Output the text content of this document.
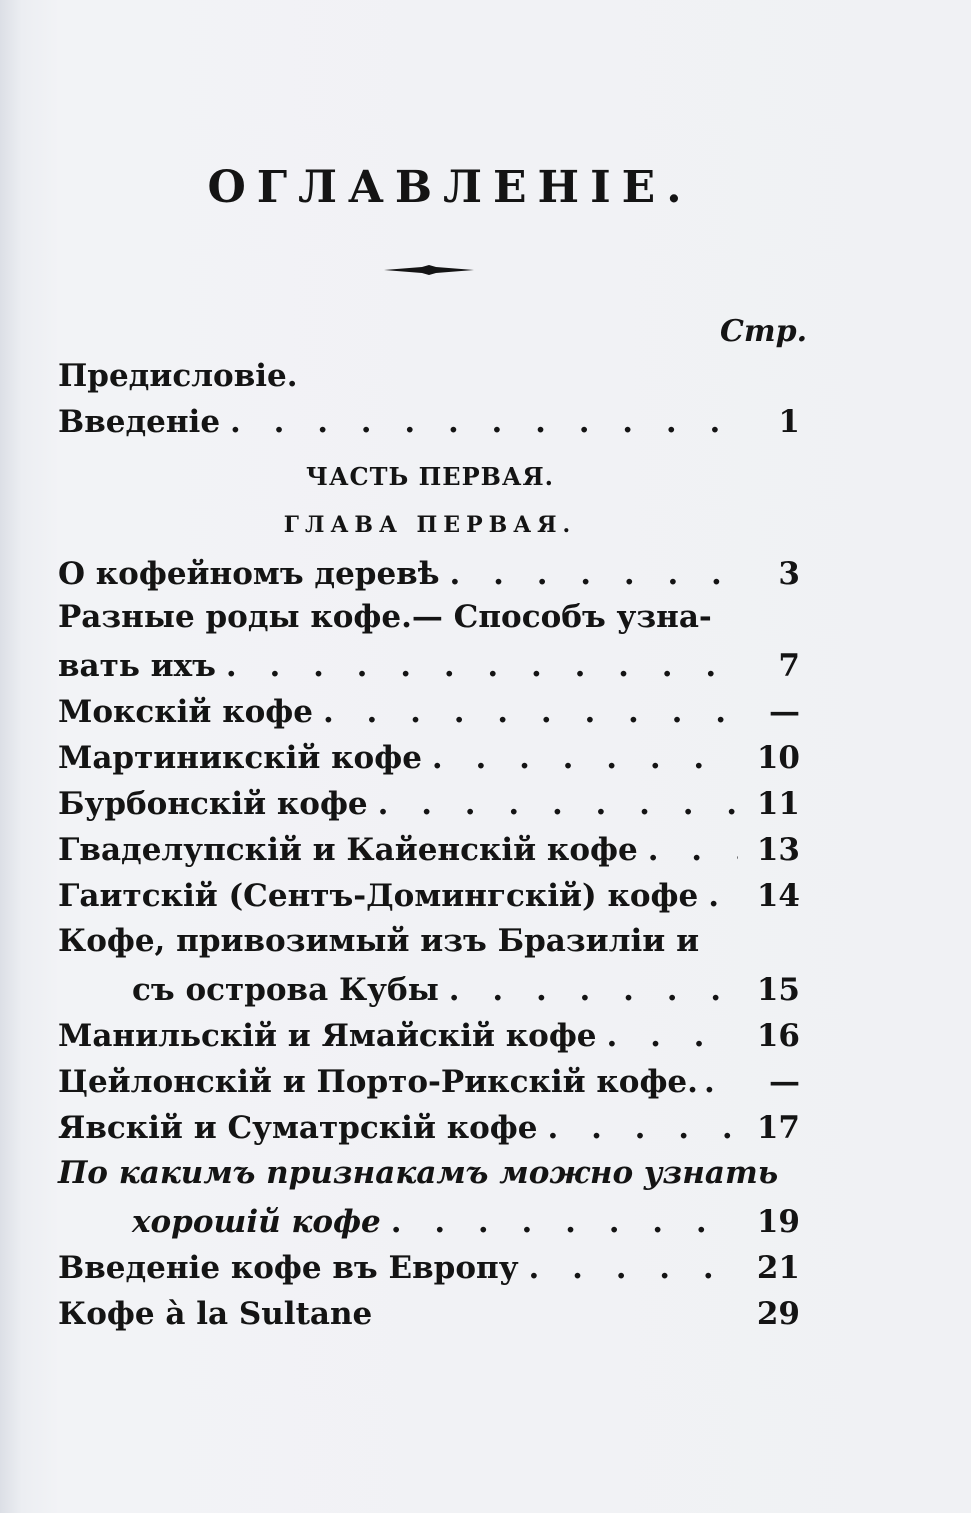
ОГЛАВЛЕНІЕ.
Стр.
Предисловіе.
Введеніе . . .	1
ЧАСТЬ ПЕРВАЯ.
ГЛАВА ПЕРВАЯ.
О кофейномъ деревѣ . . .	3
Разные роды кофе.— Способъ узна-
вать ихъ . . .	7
Мокскій кофе . . .	—
Мартиникскій кофе . . .	10
Бурбонскій кофе . . .	11
Гваделупскій и Кайенскій кофе . . .	13
Гаитскій (Сентъ-Домингскій) кофе . . . 14
Кофе, привозимый изъ Бразиліи и
съ острова Кубы . . .	15
Манильскій и Ямайскій кофе . . .	16
Цейлонскій и Порто-Рикскій кофе. . . .	—
Явскій и Суматрскій кофе . . .	17
По какимъ признакамъ можно узнать
хорошій кофе . . .	19
Введеніе кофе въ Европу . . .	21
Кофе à la Sultane	29
